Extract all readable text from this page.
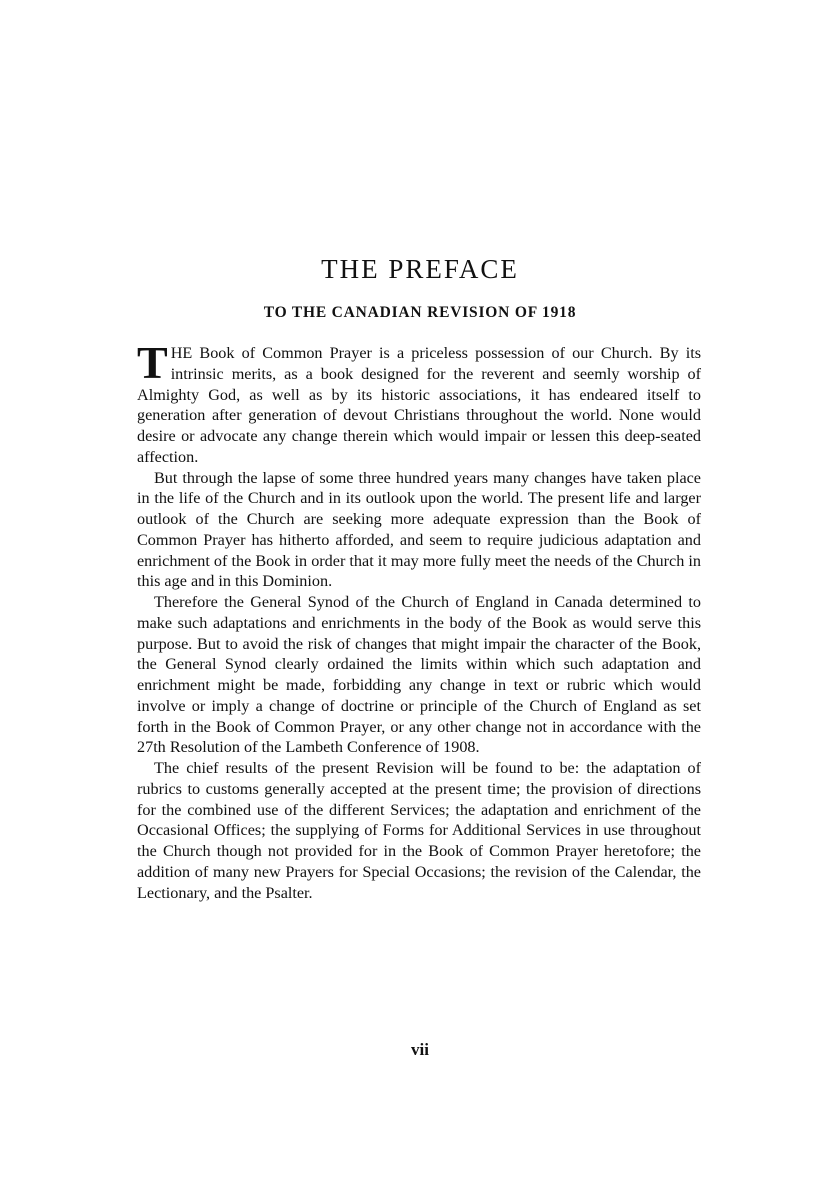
THE PREFACE
TO THE CANADIAN REVISION OF 1918

THE Book of Common Prayer is a priceless possession of our Church. By its intrinsic merits, as a book designed for the reverent and seemly worship of Almighty God, as well as by its historic associations, it has endeared itself to generation after generation of devout Christians throughout the world. None would desire or advocate any change therein which would impair or lessen this deep-seated affection.

But through the lapse of some three hundred years many changes have taken place in the life of the Church and in its outlook upon the world. The present life and larger outlook of the Church are seeking more adequate expression than the Book of Common Prayer has hitherto afforded, and seem to require judicious adaptation and enrichment of the Book in order that it may more fully meet the needs of the Church in this age and in this Dominion.

Therefore the General Synod of the Church of England in Canada determined to make such adaptations and enrichments in the body of the Book as would serve this purpose. But to avoid the risk of changes that might impair the character of the Book, the General Synod clearly ordained the limits within which such adaptation and enrichment might be made, forbidding any change in text or rubric which would involve or imply a change of doctrine or principle of the Church of England as set forth in the Book of Common Prayer, or any other change not in accordance with the 27th Resolution of the Lambeth Conference of 1908.

The chief results of the present Revision will be found to be: the adaptation of rubrics to customs generally accepted at the present time; the provision of directions for the combined use of the different Services; the adaptation and enrichment of the Occasional Offices; the supplying of Forms for Additional Services in use throughout the Church though not provided for in the Book of Common Prayer heretofore; the addition of many new Prayers for Special Occasions; the revision of the Calendar, the Lectionary, and the Psalter.

vii
